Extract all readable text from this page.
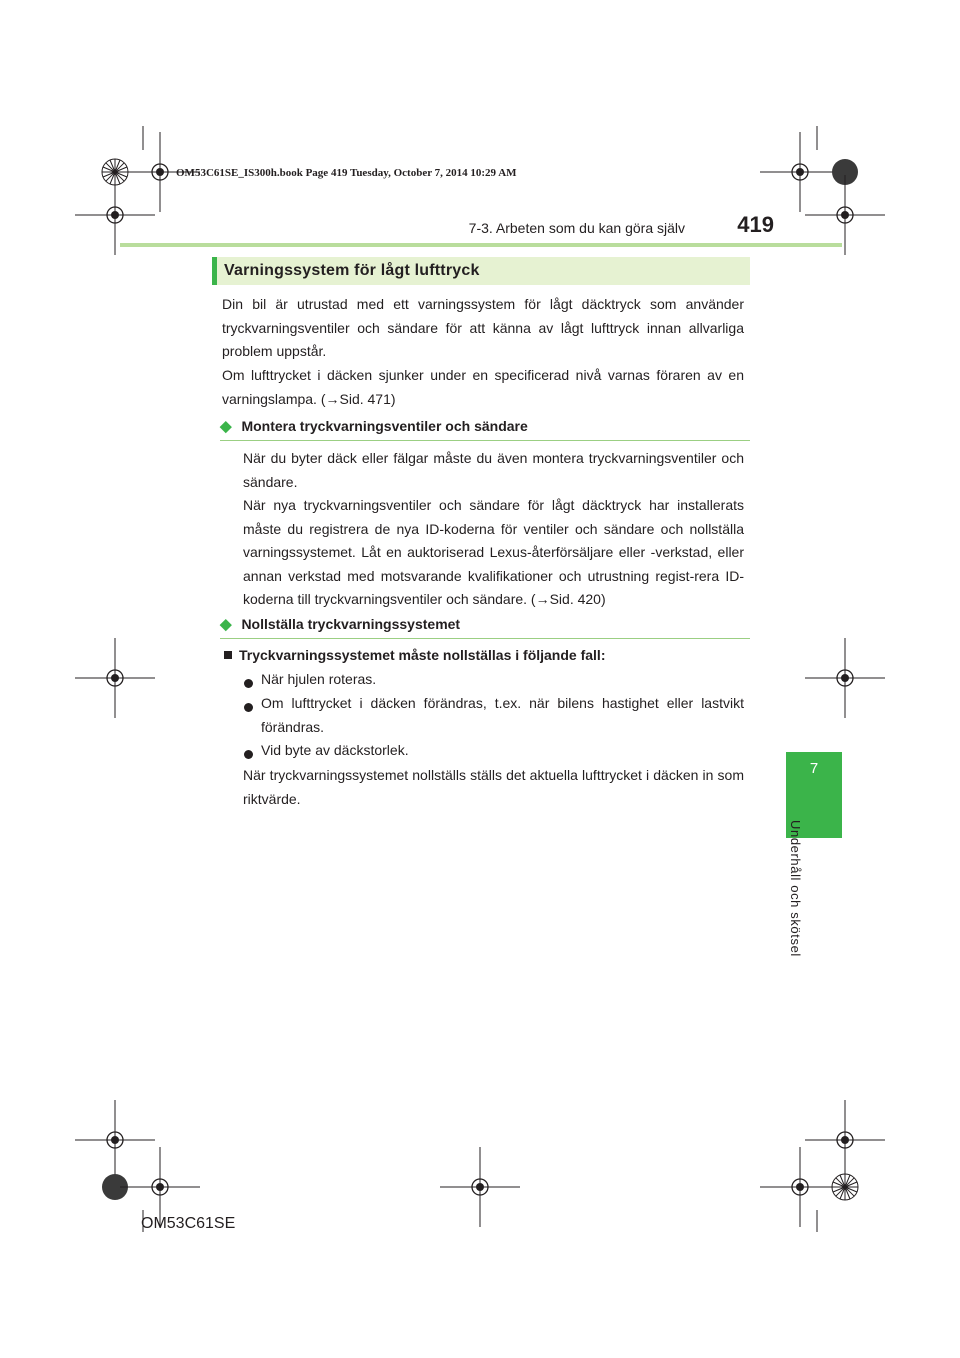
OM53C61SE_IS300h.book Page 419 Tuesday, October 7, 2014 10:29 AM
7-3. Arbeten som du kan göra själv	419
7
Underhåll och skötsel
Varningssystem för lågt lufttryck
Din bil är utrustad med ett varningssystem för lågt däcktryck som använder tryckvarningsventiler och sändare för att känna av lågt lufttryck innan allvarliga problem uppstår.
Om lufttrycket i däcken sjunker under en specificerad nivå varnas föraren av en varningslampa. (→Sid. 471)
◆ Montera tryckvarningsventiler och sändare
När du byter däck eller fälgar måste du även montera tryckvarningsventiler och sändare.
När nya tryckvarningsventiler och sändare för lågt däcktryck har installerats måste du registrera de nya ID-koderna för ventiler och sändare och nollställa varningssystemet. Låt en auktoriserad Lexus-återförsäljare eller -verkstad, eller annan verkstad med motsvarande kvalifikationer och utrustning regist-rera ID-koderna till tryckvarningsventiler och sändare. (→Sid. 420)
◆ Nollställa tryckvarningssystemet
Tryckvarningssystemet måste nollställas i följande fall:
När hjulen roteras.
Om lufttrycket i däcken förändras, t.ex. när bilens hastighet eller lastvikt förändras.
Vid byte av däckstorlek.
När tryckvarningssystemet nollställs ställs det aktuella lufttrycket i däcken in som riktvärde.
OM53C61SE
